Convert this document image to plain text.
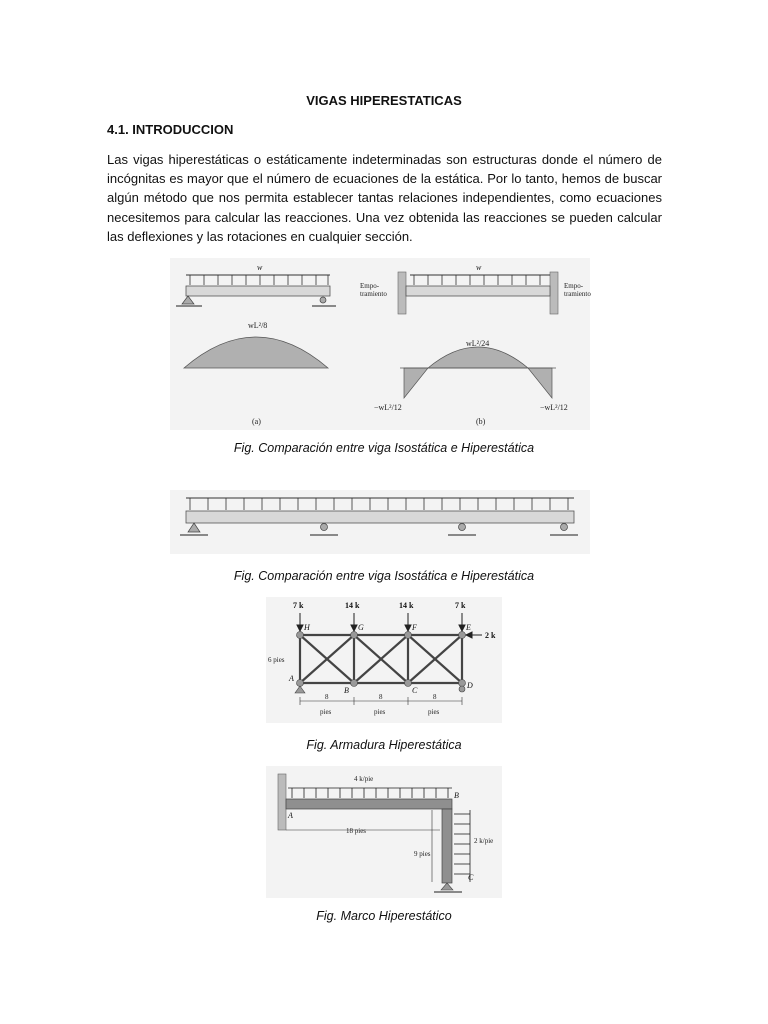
VIGAS HIPERESTATICAS
4.1. INTRODUCCION

Las vigas hiperestáticas o estáticamente indeterminadas son estructuras donde el número de incógnitas es mayor que el número de ecuaciones de la estática. Por lo tanto, hemos de buscar algún método que nos permita establecer tantas relaciones independientes, como ecuaciones necesitemos para calcular las reacciones. Una vez obtenida las reacciones se pueden calcular las deflexiones y las rotaciones en cualquier sección.

w
wL²/8
(a)
w
Empo-tramiento
Empo-tramiento
wL²/24
−wL²/12	−wL²/12
(b)
Fig. Comparación entre viga Isostática e Hiperestática
Fig. Comparación entre viga Isostática e Hiperestática
7 k	14 k	14 k	7 k
2 k
H	G	F	E
A
B	C
D
6 pies
8	8	8
pies	pies	pies
Fig. Armadura Hiperestática
4 k/pie
A
B
C
2 k/pie
18 pies
9 pies
Fig. Marco Hiperestático
